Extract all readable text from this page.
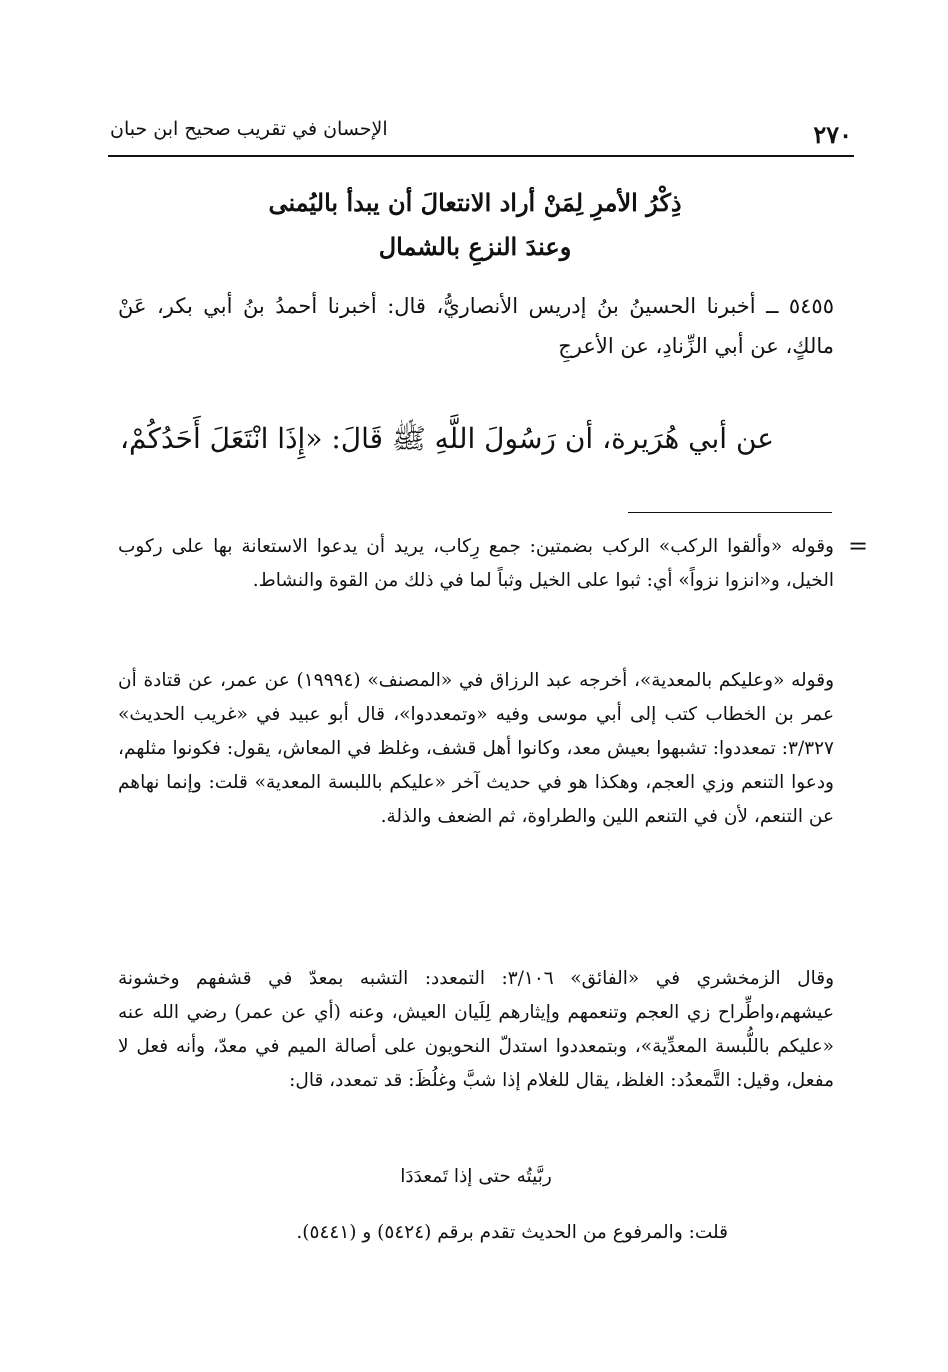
٢٧٠
الإحسان في تقريب صحيح ابن حبان
ذِكْرُ الأمرِ لِمَنْ أراد الانتعالَ أن يبدأ باليُمنى
وعندَ النزعِ بالشمال
٥٤٥٥ ــ أخبرنا الحسينُ بنُ إدريس الأنصاريُّ، قال: أخبرنا أحمدُ بنُ أبي بكر، عَنْ مالكٍ، عن أبي الزِّنادِ، عن الأعرجِ
عن أبي هُرَيرة، أن رَسُولَ اللَّهِ ﷺ قَالَ: «إِذَا انْتَعَلَ أَحَدُكُمْ،
=
وقوله «وألقوا الركب» الركب بضمتين: جمع رِكاب، يريد أن يدعوا الاستعانة بها على ركوب الخيل، و«انزوا نزواً» أي: ثبوا على الخيل وثباً لما في ذلك من القوة والنشاط.
وقوله «وعليكم بالمعدية»، أخرجه عبد الرزاق في «المصنف» (١٩٩٩٤) عن عمر، عن قتادة أن عمر بن الخطاب كتب إلى أبي موسى وفيه «وتمعددوا»، قال أبو عبيد في «غريب الحديث» ٣/٣٢٧: تمعددوا: تشبهوا بعيش معد، وكانوا أهل قشف، وغلظ في المعاش، يقول: فكونوا مثلهم، ودعوا التنعم وزي العجم، وهكذا هو في حديث آخر «عليكم باللبسة المعدية» قلت: وإنما نهاهم عن التنعم، لأن في التنعم اللين والطراوة، ثم الضعف والذلة.
وقال الزمخشري في «الفائق» ٣/١٠٦: التمعدد: التشبه بمعدّ في قشفهم وخشونة عيشهم،واطِّراح زي العجم وتنعمهم وإيثارهم لِلَيان العيش، وعنه (أي عن عمر) رضي الله عنه «عليكم باللُّبسة المعدِّية»، وبتمعددوا استدلّ النحويون على أصالة الميم في معدّ، وأنه فعل لا مفعل، وقيل: التَّمعدُد: الغلظ، يقال للغلام إذا شبَّ وغلُظَ: قد تمعدد، قال:
ربَّيتُه حتى إذا تَمعدَدَا
قلت: والمرفوع من الحديث تقدم برقم (٥٤٢٤) و (٥٤٤١).
